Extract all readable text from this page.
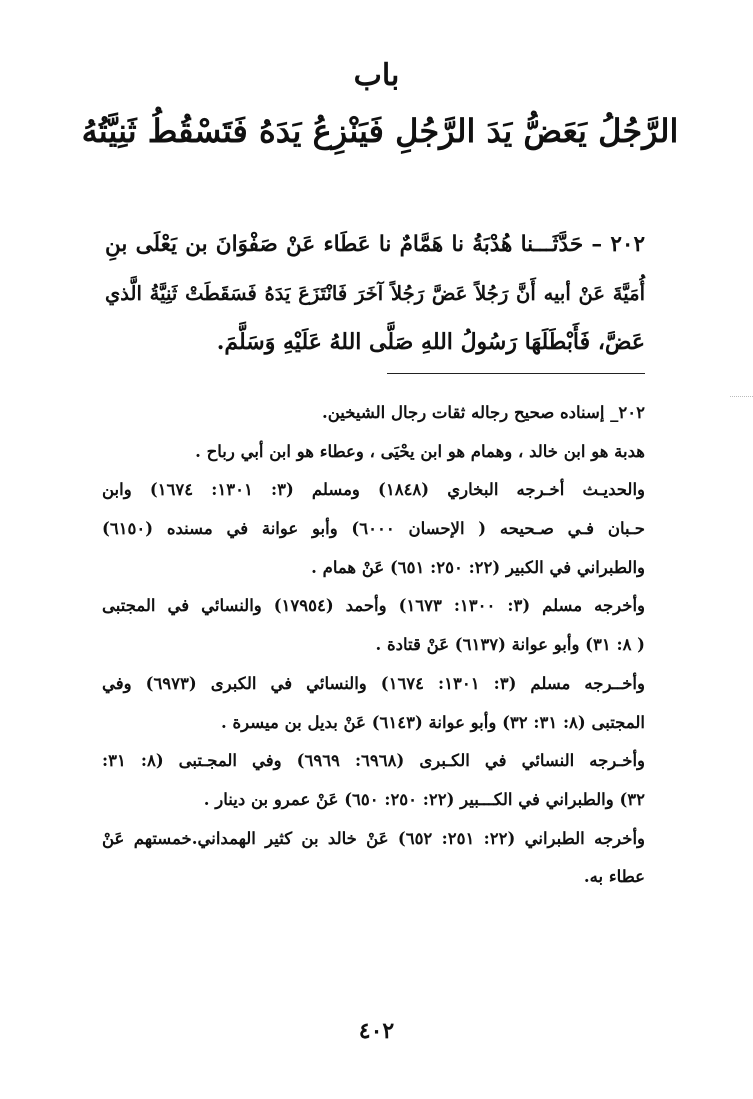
باب
الرَّجُلُ يَعَضُّ يَدَ الرَّجُلِ فَيَنْزِعُ يَدَهُ فَتَسْقُطُ ثَنِيَّتُهُ
٢٠٢ – حَدَّثَـــنا هُدْبَةُ نا هَمَّامٌ نا عَطَاء عَنْ صَفْوَانَ بن يَعْلَى بنِ
أُمَيَّةَ عَنْ أبيه أَنَّ رَجُلاً عَضَّ رَجُلاً آخَرَ فَانْتَزَعَ يَدَهُ فَسَقَطَتْ ثَنِيَّةُ الَّذي
عَضَّ، فَأَبْطَلَهَا رَسُولُ اللهِ صَلَّى اللهُ عَلَيْهِ وَسَلَّمَ.
٢٠٢_ إسناده صحيح رجاله ثقات رجال الشيخين.
هدبة هو ابن خالد ، وهمام هو ابن يحْيَى ، وعطاء هو ابن أبي رباح .
والحديـث أخـرجه البخاري (١٨٤٨) ومسلم (٣: ١٣٠١: ١٦٧٤) وابن
حـبان فـي صـحيحه ( الإحسان ٦٠٠٠) وأبو عوانة في مسنده (٦١٥٠)
والطبراني في الكبير (٢٢: ٢٥٠: ٦٥١) عَنْ همام .
وأخرجه مسلم (٣: ١٣٠٠: ١٦٧٣) وأحمد (١٧٩٥٤) والنسائي في المجتبى
( ٨: ٣١) وأبو عوانة (٦١٣٧) عَنْ قتادة .
وأخــرجه مسلم (٣: ١٣٠١: ١٦٧٤) والنسائي في الكبرى (٦٩٧٣) وفي
المجتبى (٨: ٣١: ٣٢) وأبو عوانة (٦١٤٣) عَنْ بديل بن ميسرة .
وأخـرجه النسائي في الكـبرى (٦٩٦٨: ٦٩٦٩) وفي المجـتبى (٨: ٣١:
٣٢) والطبراني في الكـــبير (٢٢: ٢٥٠: ٦٥٠) عَنْ عمرو بن دينار .
وأخرجه الطبراني (٢٢: ٢٥١: ٦٥٢) عَنْ خالد بن كثير الهمداني.خمستهم عَنْ
عطاء به.
٤٠٢
